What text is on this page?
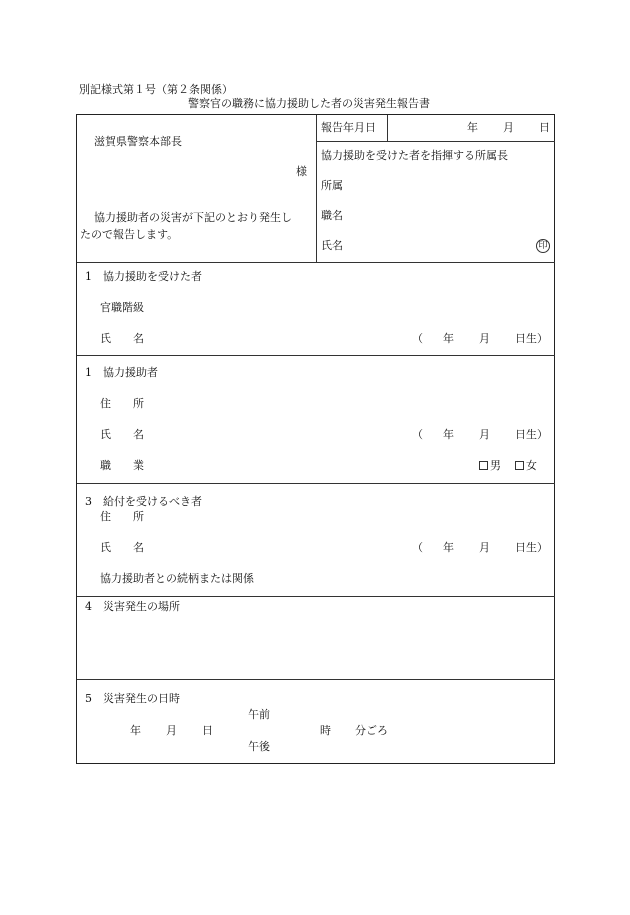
別記様式第１号（第２条関係）
警察官の職務に協力援助した者の災害発生報告書
滋賀県警察本部長
様
協力援助者の災害が下記のとおり発生し
たので報告します。
報告年月日	年 月 日
協力援助を受けた者を指揮する所属長
所属
職名
氏名	印
1　協力援助を受けた者
官職階級
氏　　名	（ 年 月 日生）
1　協力援助者
住　　所
氏　　名	（ 年 月 日生）
職　　業	男	女
3　給付を受けるべき者
住　　所
氏　　名	（ 年 月 日生）
協力援助者との続柄または関係
4　災害発生の場所
5　災害発生の日時
午前
年 月 日	時 分ごろ
午後
